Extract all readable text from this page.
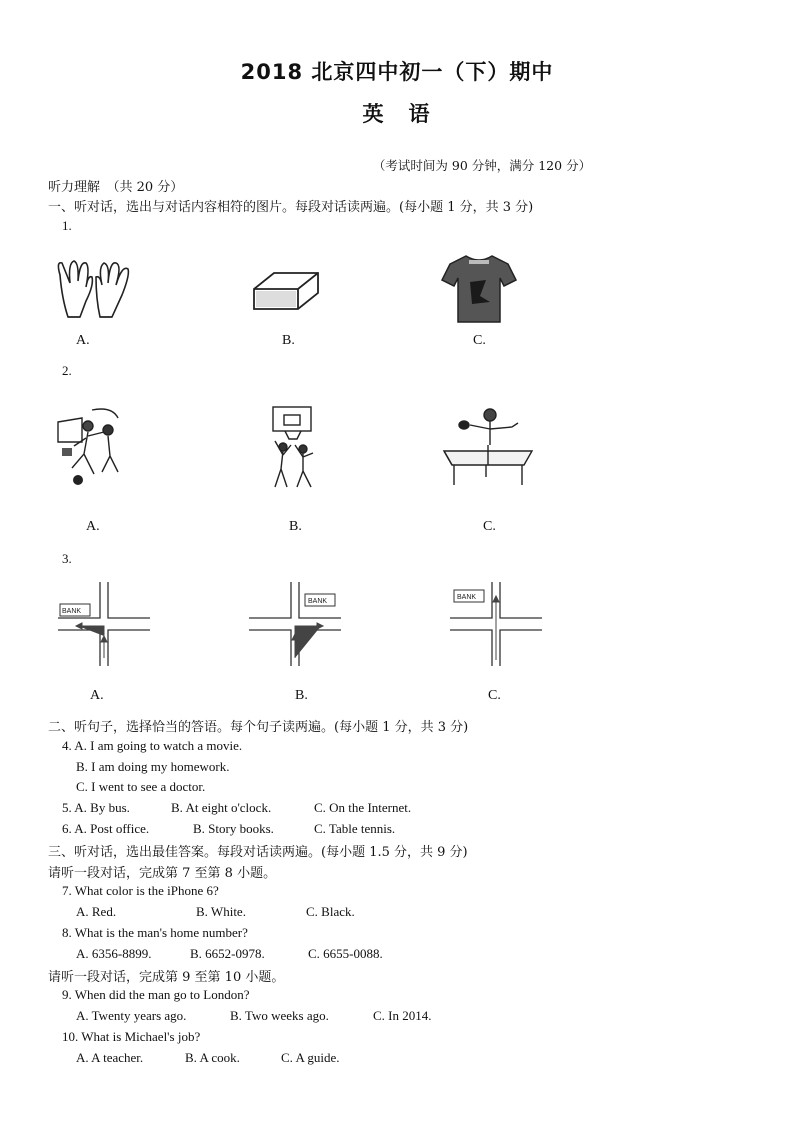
2018 北京四中初一（下）期中
英　语
（考试时间为 90 分钟，满分 120 分）
听力理解　（共 20 分）
一、听对话，选出与对话内容相符的图片。每段对话读两遍。(每小题 1 分，共 3 分)
1.
A.	B.	C.
2.
A.	B.	C.
3.
BANK
BANK
BANK
A.	B.	C.
二、听句子，选择恰当的答语。每个句子读两遍。(每小题 1 分，共 3 分)
4. A. I am going to watch a movie.
B. I am doing my homework.
C. I went to see a doctor.
5. A. By bus.	B. At eight o'clock.	C. On the Internet.
6. A. Post office.	B. Story books.	C. Table tennis.
三、听对话，选出最佳答案。每段对话读两遍。(每小题 1.5 分，共 9 分)
请听一段对话，完成第 7 至第 8 小题。
7. What color is the iPhone 6?
A. Red.	B. White.	C. Black.
8. What is the man's home number?
A. 6356-8899.	B. 6652-0978.	C. 6655-0088.
请听一段对话，完成第 9 至第 10 小题。
9. When did the man go to London?
A. Twenty years ago.	B. Two weeks ago.	C. In 2014.
10. What is Michael's job?
A. A teacher.	B. A cook.	C. A guide.
